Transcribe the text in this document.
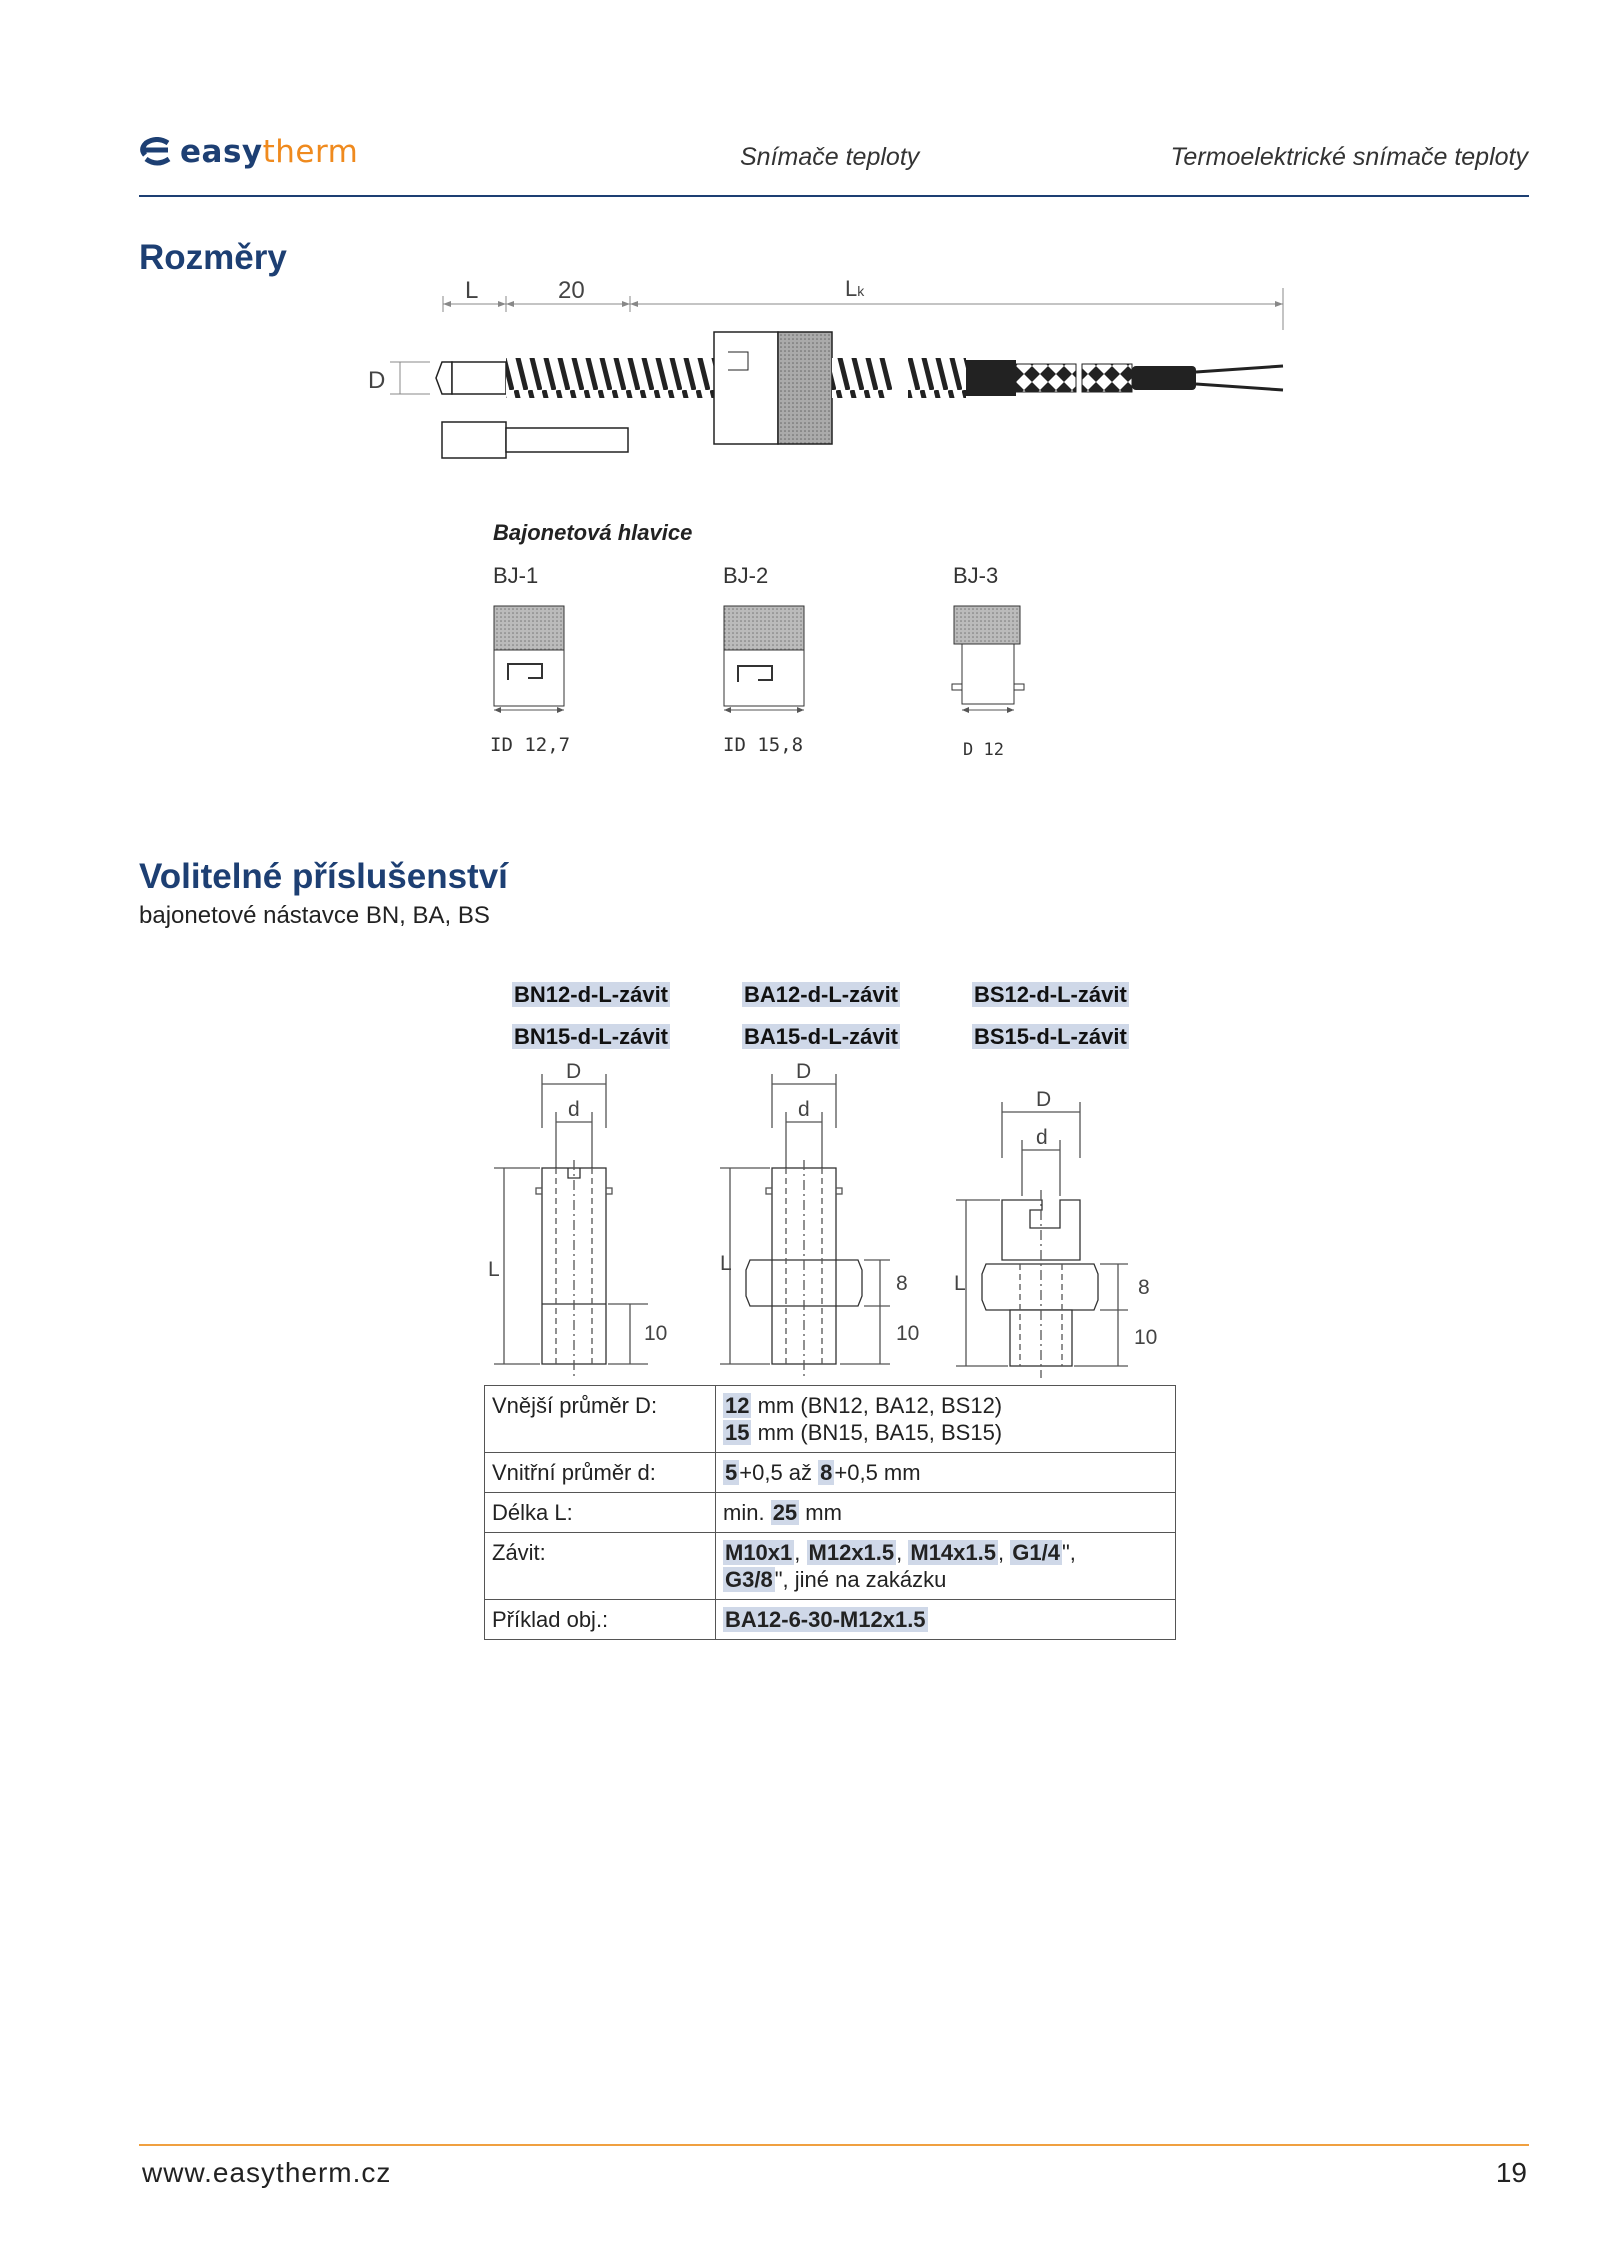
easytherm	Snímače teploty	Termoelektrické snímače teploty
Rozměry
L	20	Lk
D
Bajonetová hlavice
BJ-1	BJ-2	BJ-3
ID 12,7	ID 15,8	D 12
Volitelné příslušenství
bajonetové nástavce BN, BA, BS
BN12-d-L-závit
BN15-d-L-závit
BA12-d-L-závit
BA15-d-L-závit
BS12-d-L-závit
BS15-d-L-závit
D
d
L
10
D
d
L
8
10
D
d
L	8
10
Vnější průměr D:	12 mm (BN12, BA12, BS12)
15 mm (BN15, BA15, BS15)
Vnitřní průměr d:	5+0,5 až 8+0,5 mm
Délka L:	min. 25 mm
Závit:	M10x1, M12x1.5, M14x1.5, G1/4",
G3/8", jiné na zakázku
Příklad obj.:	BA12-6-30-M12x1.5
www.easytherm.cz	19
